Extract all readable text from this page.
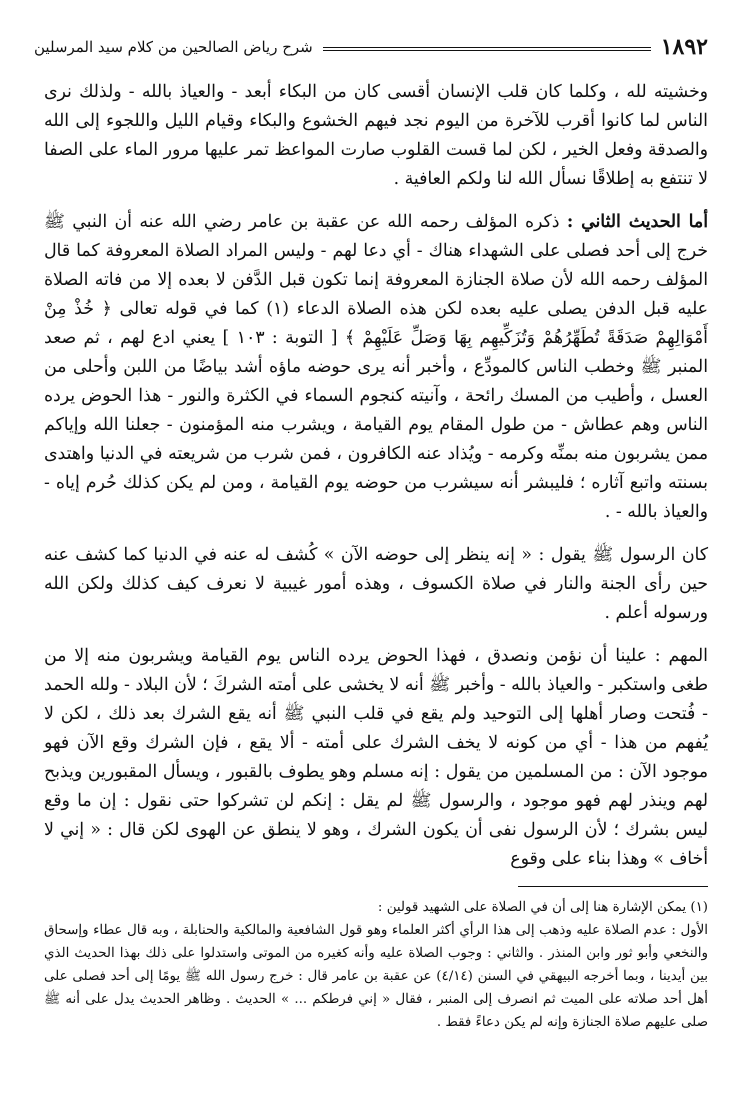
١٨٩٢
شرح رياض الصالحين من كلام سيد المرسلين

وخشيته لله ، وكلما كان قلب الإنسان أقسى كان من البكاء أبعد - والعياذ بالله - ولذلك نرى الناس لما كانوا أقرب للآخرة من اليوم نجد فيهم الخشوع والبكاء وقيام الليل واللجوء إلى الله والصدقة وفعل الخير ، لكن لما قست القلوب صارت المواعظ تمر عليها مرور الماء على الصفا لا تنتفع به إطلاقًا نسأل الله لنا ولكم العافية .

أما الحديث الثاني : ذكره المؤلف رحمه الله عن عقبة بن عامر رضي الله عنه أن النبي ﷺ خرج إلى أحد فصلى على الشهداء هناك - أي دعا لهم - وليس المراد الصلاة المعروفة كما قال المؤلف رحمه الله لأن صلاة الجنازة المعروفة إنما تكون قبل الدَّفن لا بعده إلا من فاته الصلاة عليه قبل الدفن يصلى عليه بعده لكن هذه الصلاة الدعاء (١) كما في قوله تعالى ﴿ خُذْ مِنْ أَمْوَالِهِمْ صَدَقَةً تُطَهِّرُهُمْ وَتُزَكِّيهِم بِهَا وَصَلِّ عَلَيْهِمْ ﴾ [ التوبة : ١٠٣ ] يعني ادع لهم ، ثم صعد المنبر ﷺ وخطب الناس كالمودِّع ، وأخبر أنه يرى حوضه ماؤه أشد بياضًا من اللبن وأحلى من العسل ، وأطيب من المسك رائحة ، وآنيته كنجوم السماء في الكثرة والنور - هذا الحوض يرده الناس وهم عطاش - من طول المقام يوم القيامة ، ويشرب منه المؤمنون - جعلنا الله وإياكم ممن يشربون منه بمنِّه وكرمه - ويُذاد عنه الكافرون ، فمن شرب من شريعته في الدنيا واهتدى بسنته واتبع آثاره ؛ فليبشر أنه سيشرب من حوضه يوم القيامة ، ومن لم يكن كذلك حُرم إياه - والعياذ بالله - .

كان الرسول ﷺ يقول : « إنه ينظر إلى حوضه الآن » كُشف له عنه في الدنيا كما كشف عنه حين رأى الجنة والنار في صلاة الكسوف ، وهذه أمور غيبية لا نعرف كيف كذلك ولكن الله ورسوله أعلم .

المهم : علينا أن نؤمن ونصدق ، فهذا الحوض يرده الناس يوم القيامة ويشربون منه إلا من طغى واستكبر - والعياذ بالله - وأخبر ﷺ أنه لا يخشى على أمته الشركَ ؛ لأن البلاد - ولله الحمد - فُتحت وصار أهلها إلى التوحيد ولم يقع في قلب النبي ﷺ أنه يقع الشرك بعد ذلك ، لكن لا يُفهم من هذا - أي من كونه لا يخف الشرك على أمته - ألا يقع ، فإن الشرك وقع الآن فهو موجود الآن : من المسلمين من يقول : إنه مسلم وهو يطوف بالقبور ، ويسأل المقبورين ويذبح لهم وينذر لهم فهو موجود ، والرسول ﷺ لم يقل : إنكم لن تشركوا حتى نقول : إن ما وقع ليس بشرك ؛ لأن الرسول نفى أن يكون الشرك ، وهو لا ينطق عن الهوى لكن قال : « إني لا أخاف » وهذا بناء على وقوع

(١) يمكن الإشارة هنا إلى أن في الصلاة على الشهيد قولين :

الأول : عدم الصلاة عليه وذهب إلى هذا الرأي أكثر العلماء وهو قول الشافعية والمالكية والحنابلة ، وبه قال عطاء وإسحاق والنخعي وأبو ثور وابن المنذر . والثاني : وجوب الصلاة عليه وأنه كغيره من الموتى واستدلوا على ذلك بهذا الحديث الذي بين أيدينا ، وبما أخرجه البيهقي في السنن (٤/١٤) عن عقبة بن عامر قال : خرج رسول الله ﷺ يومًا إلى أحد فصلى على أهل أحد صلاته على الميت ثم انصرف إلى المنبر ، فقال « إني فرطكم ... » الحديث . وظاهر الحديث يدل على أنه ﷺ صلى عليهم صلاة الجنازة وإنه لم يكن دعاءً فقط .
